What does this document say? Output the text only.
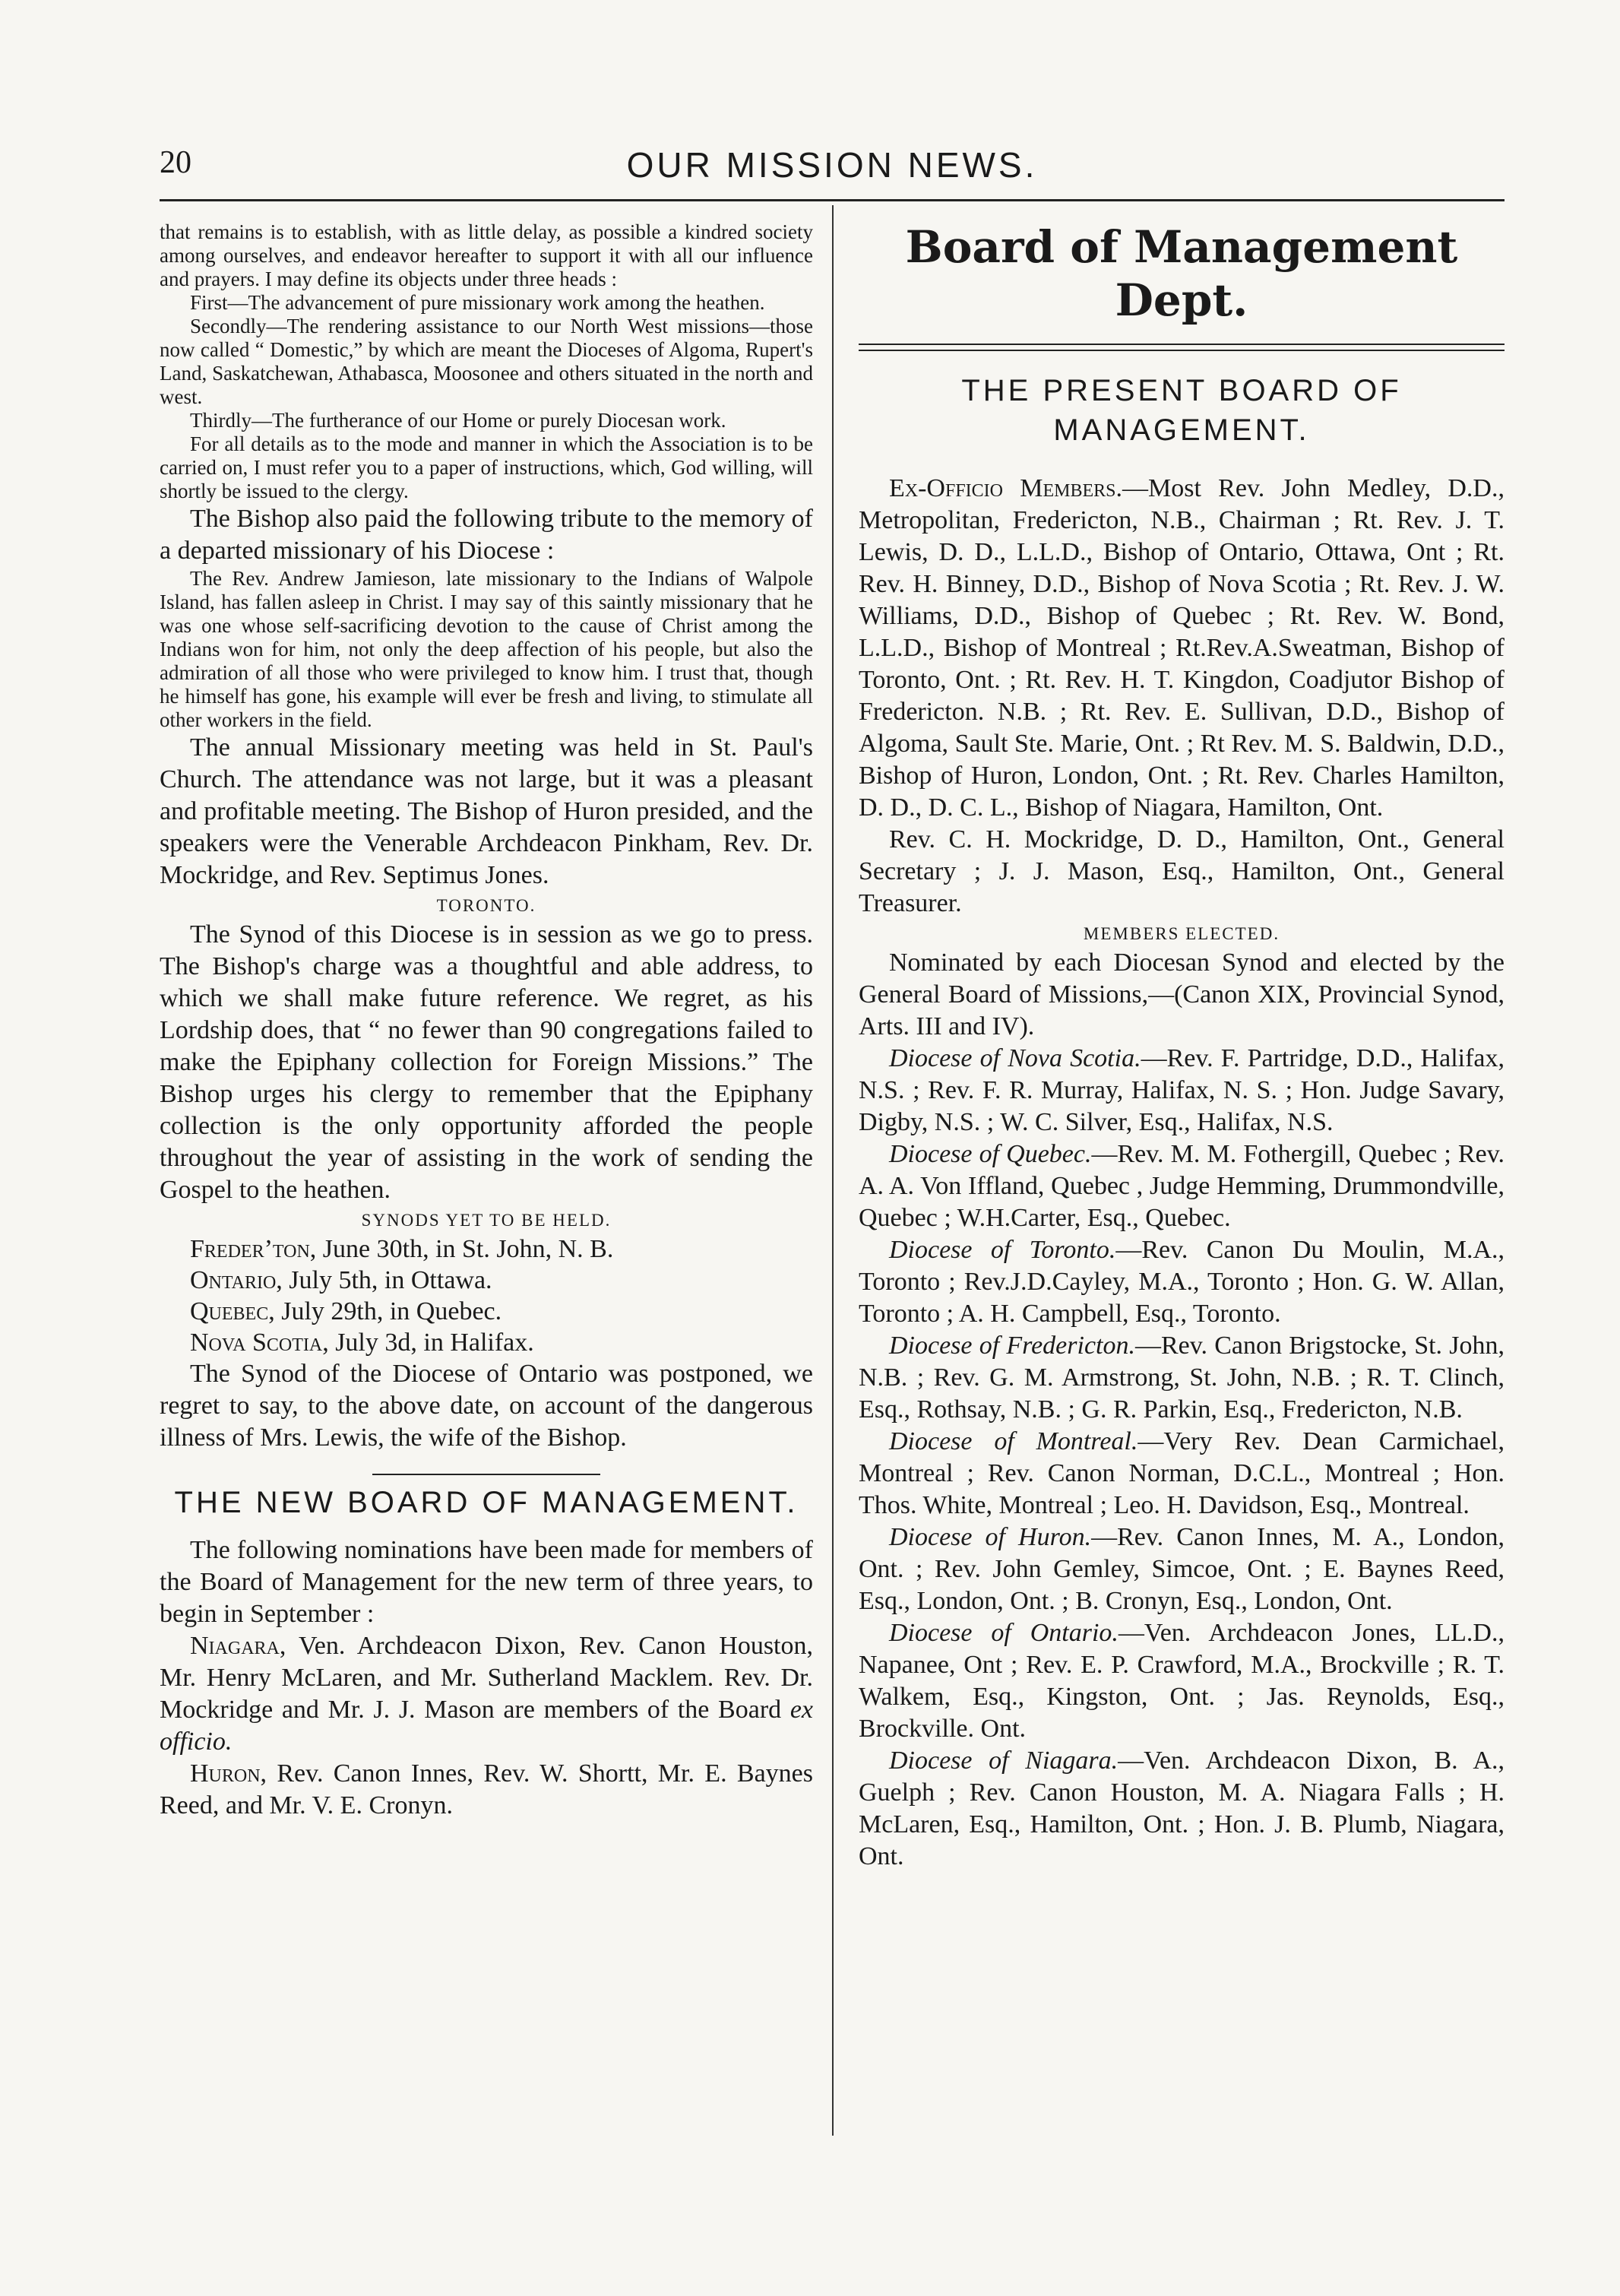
20	OUR MISSION NEWS.

that remains is to establish, with as little delay, as possible a kindred society among ourselves, and endeavor hereafter to support it with all our influence and prayers. I may define its objects under three heads :

First—The advancement of pure missionary work among the heathen.

Secondly—The rendering assistance to our North West missions—those now called “ Domestic,” by which are meant the Dioceses of Algoma, Rupert's Land, Saskatchewan, Athabasca, Moosonee and others situated in the north and west.

Thirdly—The furtherance of our Home or purely Diocesan work.

For all details as to the mode and manner in which the Association is to be carried on, I must refer you to a paper of instructions, which, God willing, will shortly be issued to the clergy.

The Bishop also paid the following tribute to the memory of a departed missionary of his Diocese :

The Rev. Andrew Jamieson, late missionary to the Indians of Walpole Island, has fallen asleep in Christ. I may say of this saintly missionary that he was one whose self-sacrificing devotion to the cause of Christ among the Indians won for him, not only the deep affection of his people, but also the admiration of all those who were privileged to know him. I trust that, though he himself has gone, his example will ever be fresh and living, to stimulate all other workers in the field.

The annual Missionary meeting was held in St. Paul's Church. The attendance was not large, but it was a pleasant and profitable meeting. The Bishop of Huron presided, and the speakers were the Venerable Archdeacon Pinkham, Rev. Dr. Mockridge, and Rev. Septimus Jones.

TORONTO.

The Synod of this Diocese is in session as we go to press. The Bishop's charge was a thoughtful and able address, to which we shall make future reference. We regret, as his Lordship does, that “ no fewer than 90 congregations failed to make the Epiphany collection for Foreign Missions.” The Bishop urges his clergy to remember that the Epiphany collection is the only opportunity afforded the people throughout the year of assisting in the work of sending the Gospel to the heathen.

SYNODS YET TO BE HELD.

Freder’ton, June 30th, in St. John, N. B.

Ontario, July 5th, in Ottawa.

Quebec, July 29th, in Quebec.

Nova Scotia, July 3d, in Halifax.

The Synod of the Diocese of Ontario was postponed, we regret to say, to the above date, on account of the dangerous illness of Mrs. Lewis, the wife of the Bishop.

THE NEW BOARD OF MANAGEMENT.

The following nominations have been made for members of the Board of Management for the new term of three years, to begin in September :

Niagara, Ven. Archdeacon Dixon, Rev. Canon Houston, Mr. Henry McLaren, and Mr. Sutherland Macklem. Rev. Dr. Mockridge and Mr. J. J. Mason are members of the Board ex officio.

Huron, Rev. Canon Innes, Rev. W. Shortt, Mr. E. Baynes Reed, and Mr. V. E. Cronyn.

Board of Management Dept.
THE PRESENT BOARD OF MANAGEMENT.

Ex-Officio Members.—Most Rev. John Medley, D.D., Metropolitan, Fredericton, N.B., Chairman ; Rt. Rev. J. T. Lewis, D. D., L.L.D., Bishop of Ontario, Ottawa, Ont ; Rt. Rev. H. Binney, D.D., Bishop of Nova Scotia ; Rt. Rev. J. W. Williams, D.D., Bishop of Quebec ; Rt. Rev. W. Bond, L.L.D., Bishop of Montreal ; Rt.Rev.A.Sweatman, Bishop of Toronto, Ont. ; Rt. Rev. H. T. Kingdon, Coadjutor Bishop of Fredericton. N.B. ; Rt. Rev. E. Sullivan, D.D., Bishop of Algoma, Sault Ste. Marie, Ont. ; Rt Rev. M. S. Baldwin, D.D., Bishop of Huron, London, Ont. ; Rt. Rev. Charles Hamilton, D. D., D. C. L., Bishop of Niagara, Hamilton, Ont.

Rev. C. H. Mockridge, D. D., Hamilton, Ont., General Secretary ; J. J. Mason, Esq., Hamilton, Ont., General Treasurer.

MEMBERS ELECTED.

Nominated by each Diocesan Synod and elected by the General Board of Missions,—(Canon XIX, Provincial Synod, Arts. III and IV).

Diocese of Nova Scotia.—Rev. F. Partridge, D.D., Halifax, N.S. ; Rev. F. R. Murray, Halifax, N. S. ; Hon. Judge Savary, Digby, N.S. ; W. C. Silver, Esq., Halifax, N.S.

Diocese of Quebec.—Rev. M. M. Fothergill, Quebec ; Rev. A. A. Von Iffland, Quebec , Judge Hemming, Drummondville, Quebec ; W.H.Carter, Esq., Quebec.

Diocese of Toronto.—Rev. Canon Du Moulin, M.A., Toronto ; Rev.J.D.Cayley, M.A., Toronto ; Hon. G. W. Allan, Toronto ; A. H. Campbell, Esq., Toronto.

Diocese of Fredericton.—Rev. Canon Brigstocke, St. John, N.B. ; Rev. G. M. Armstrong, St. John, N.B. ; R. T. Clinch, Esq., Rothsay, N.B. ; G. R. Parkin, Esq., Fredericton, N.B.

Diocese of Montreal.—Very Rev. Dean Carmichael, Montreal ; Rev. Canon Norman, D.C.L., Montreal ; Hon. Thos. White, Montreal ; Leo. H. Davidson, Esq., Montreal.

Diocese of Huron.—Rev. Canon Innes, M. A., London, Ont. ; Rev. John Gemley, Simcoe, Ont. ; E. Baynes Reed, Esq., London, Ont. ; B. Cronyn, Esq., London, Ont.

Diocese of Ontario.—Ven. Archdeacon Jones, LL.D., Napanee, Ont ; Rev. E. P. Crawford, M.A., Brockville ; R. T. Walkem, Esq., Kingston, Ont. ; Jas. Reynolds, Esq., Brockville. Ont.

Diocese of Niagara.—Ven. Archdeacon Dixon, B. A., Guelph ; Rev. Canon Houston, M. A. Niagara Falls ; H. McLaren, Esq., Hamilton, Ont. ; Hon. J. B. Plumb, Niagara, Ont.
